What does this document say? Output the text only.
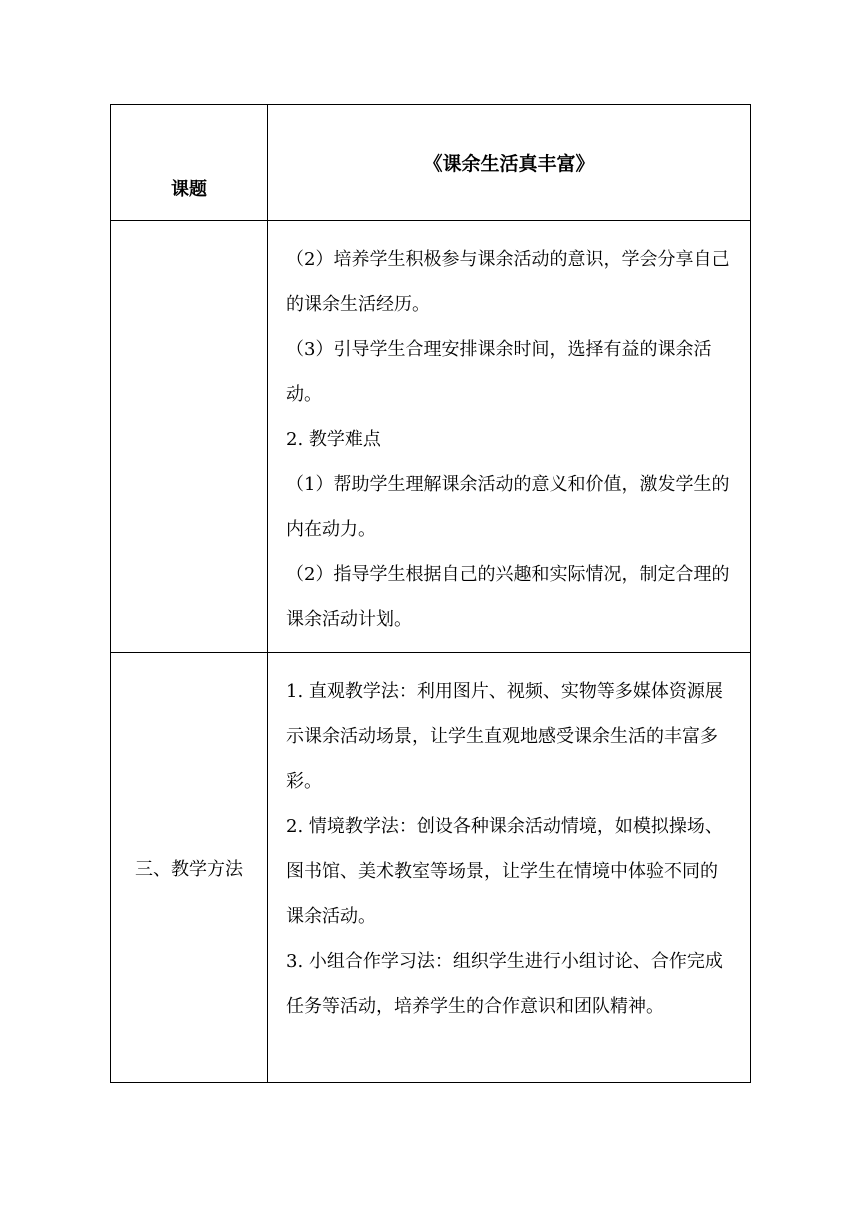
课题	《课余生活真丰富》

	（2）培养学生积极参与课余活动的意识，学会分享自己的课余生活经历。

（3）引导学生合理安排课余时间，选择有益的课余活动。

2. 教学难点

（1）帮助学生理解课余活动的意义和价值，激发学生的内在动力。

（2）指导学生根据自己的兴趣和实际情况，制定合理的课余活动计划。

三、教学方法	1. 直观教学法：利用图片、视频、实物等多媒体资源展示课余活动场景，让学生直观地感受课余生活的丰富多彩。

2. 情境教学法：创设各种课余活动情境，如模拟操场、图书馆、美术教室等场景，让学生在情境中体验不同的课余活动。

3. 小组合作学习法：组织学生进行小组讨论、合作完成任务等活动，培养学生的合作意识和团队精神。
